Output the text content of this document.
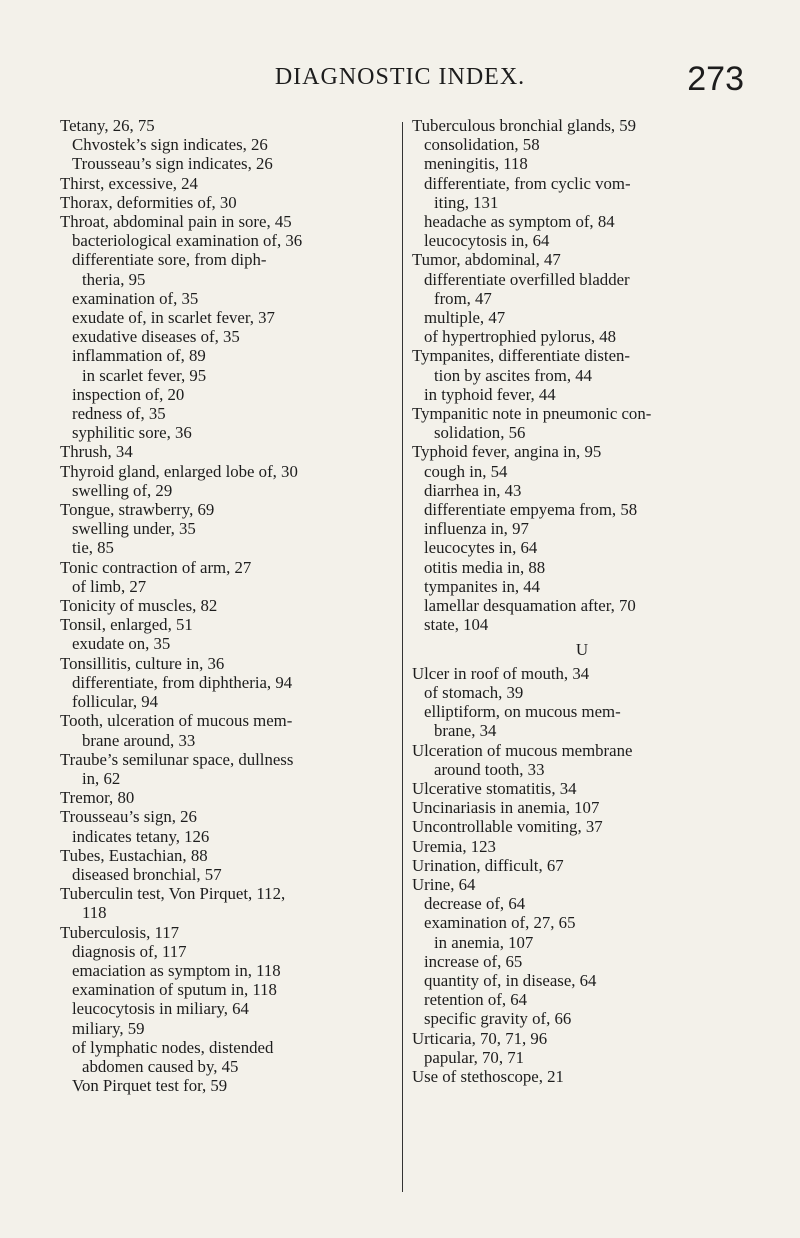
DIAGNOSTIC INDEX.	273
Tetany, 26, 75
Chvostek’s sign indicates, 26
Trousseau’s sign indicates, 26
Thirst, excessive, 24
Thorax, deformities of, 30
Throat, abdominal pain in sore, 45
bacteriological examination of, 36
differentiate sore, from diph-
theria, 95
examination of, 35
exudate of, in scarlet fever, 37
exudative diseases of, 35
inflammation of, 89
in scarlet fever, 95
inspection of, 20
redness of, 35
syphilitic sore, 36
Thrush, 34
Thyroid gland, enlarged lobe of, 30
swelling of, 29
Tongue, strawberry, 69
swelling under, 35
tie, 85
Tonic contraction of arm, 27
of limb, 27
Tonicity of muscles, 82
Tonsil, enlarged, 51
exudate on, 35
Tonsillitis, culture in, 36
differentiate, from diphtheria, 94
follicular, 94
Tooth, ulceration of mucous mem-
brane around, 33
Traube’s semilunar space, dullness
in, 62
Tremor, 80
Trousseau’s sign, 26
indicates tetany, 126
Tubes, Eustachian, 88
diseased bronchial, 57
Tuberculin test, Von Pirquet, 112,
118
Tuberculosis, 117
diagnosis of, 117
emaciation as symptom in, 118
examination of sputum in, 118
leucocytosis in miliary, 64
miliary, 59
of lymphatic nodes, distended
abdomen caused by, 45
Von Pirquet test for, 59
Tuberculous bronchial glands, 59
consolidation, 58
meningitis, 118
differentiate, from cyclic vom-
iting, 131
headache as symptom of, 84
leucocytosis in, 64
Tumor, abdominal, 47
differentiate overfilled bladder
from, 47
multiple, 47
of hypertrophied pylorus, 48
Tympanites, differentiate disten-
tion by ascites from, 44
in typhoid fever, 44
Tympanitic note in pneumonic con-
solidation, 56
Typhoid fever, angina in, 95
cough in, 54
diarrhea in, 43
differentiate empyema from, 58
influenza in, 97
leucocytes in, 64
otitis media in, 88
tympanites in, 44
lamellar desquamation after, 70
state, 104
U
Ulcer in roof of mouth, 34
of stomach, 39
elliptiform, on mucous mem-
brane, 34
Ulceration of mucous membrane
around tooth, 33
Ulcerative stomatitis, 34
Uncinariasis in anemia, 107
Uncontrollable vomiting, 37
Uremia, 123
Urination, difficult, 67
Urine, 64
decrease of, 64
examination of, 27, 65
in anemia, 107
increase of, 65
quantity of, in disease, 64
retention of, 64
specific gravity of, 66
Urticaria, 70, 71, 96
papular, 70, 71
Use of stethoscope, 21
